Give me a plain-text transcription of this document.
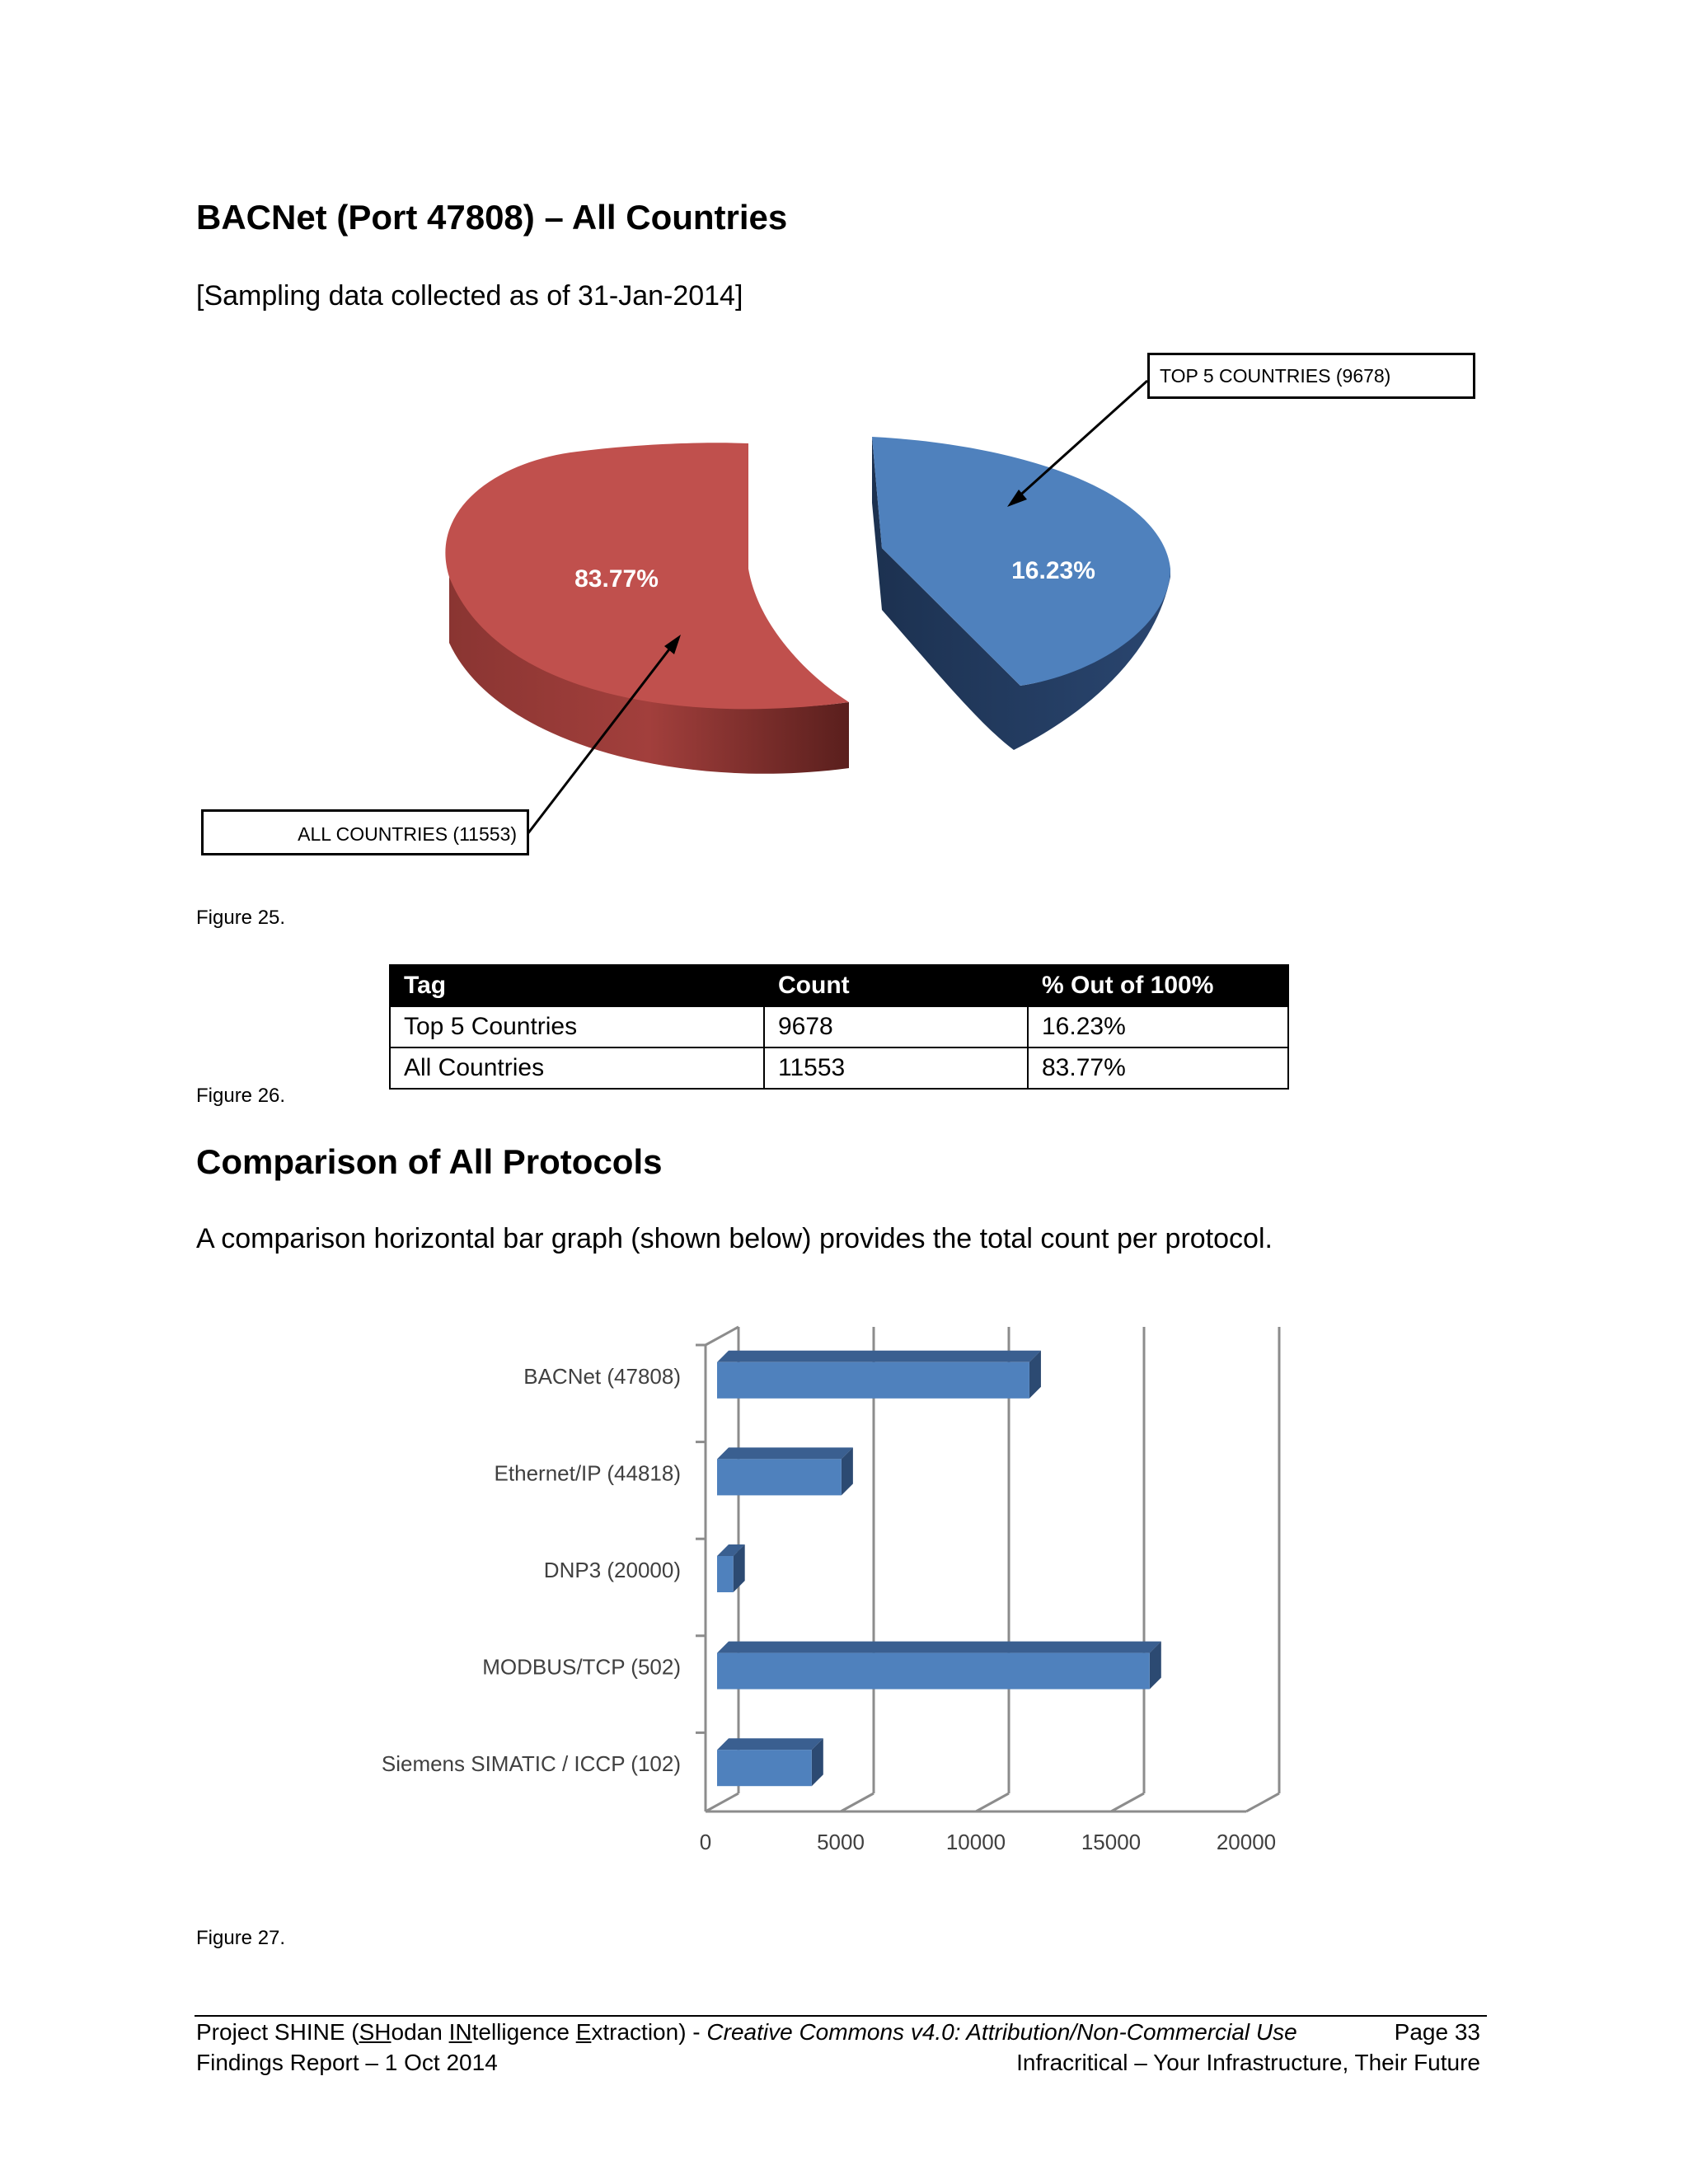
BACNet (Port 47808) – All Countries
[Sampling data collected as of 31-Jan-2014]
83.77%	16.23%
TOP 5 COUNTRIES (9678)
ALL COUNTRIES (11553)
Figure 25.
Tag	Count	% Out of 100%
Top 5 Countries	9678	16.23%
All Countries	11553	83.77%
Figure 26.
Comparison of All Protocols
A comparison horizontal bar graph (shown below) provides the total count per protocol.
0	5000	10000	15000	20000
BACNet (47808)
Ethernet/IP (44818)
DNP3 (20000)
MODBUS/TCP (502)
Siemens SIMATIC / ICCP (102)
Figure 27.
Project SHINE (SHodan INtelligence Extraction) - Creative Commons v4.0: Attribution/Non-Commercial Use	Page 33
Findings Report – 1 Oct 2014	Infracritical – Your Infrastructure, Their Future
